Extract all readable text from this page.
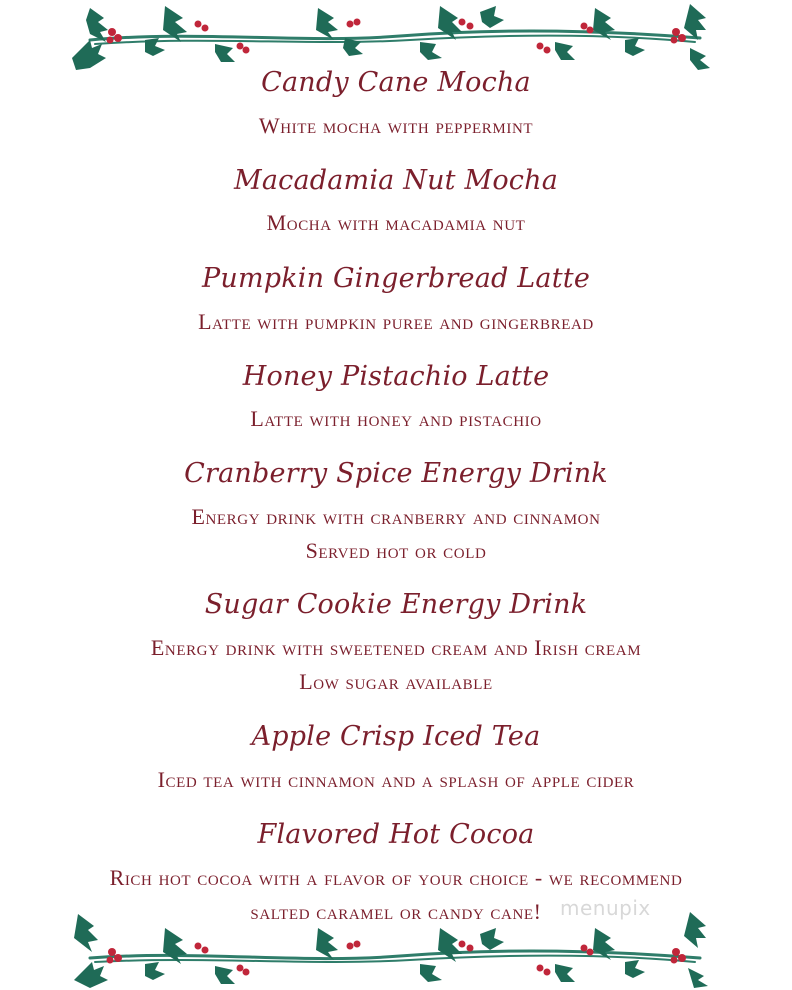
Candy Cane Mocha
White mocha with peppermint
Macadamia Nut Mocha
Mocha with macadamia nut
Pumpkin Gingerbread Latte
Latte with pumpkin puree and gingerbread
Honey Pistachio Latte
Latte with honey and pistachio
Cranberry Spice Energy Drink
Energy drink with cranberry and cinnamon
Served hot or cold
Sugar Cookie Energy Drink
Energy drink with sweetened cream and Irish cream
Low sugar available
Apple Crisp Iced Tea
Iced tea with cinnamon and a splash of apple cider
Flavored Hot Cocoa
Rich hot cocoa with a flavor of your choice - we recommend
salted caramel or candy cane! menupix
